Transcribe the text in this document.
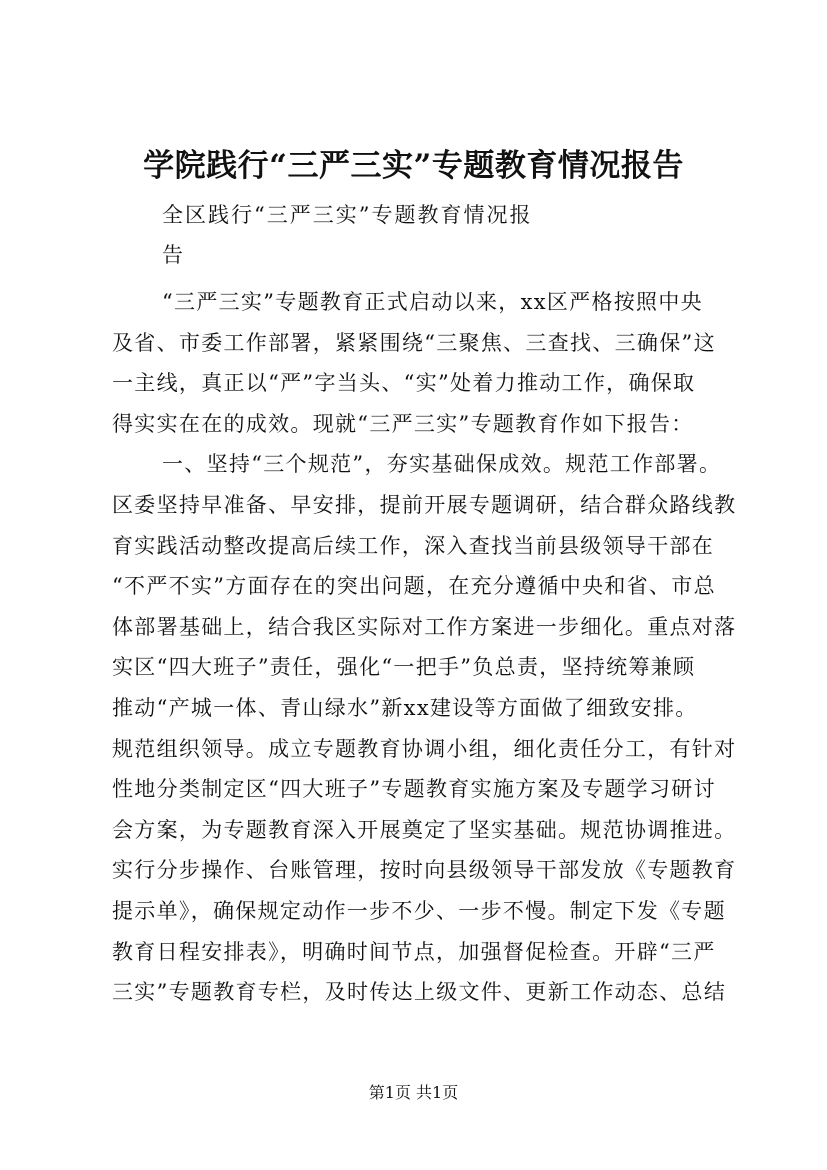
学院践行“三严三实”专题教育情况报告
全区践行“三严三实”专题教育情况报
告
“三严三实”专题教育正式启动以来，xx区严格按照中央
及省、市委工作部署，紧紧围绕“三聚焦、三查找、三确保”这
一主线，真正以“严”字当头、“实”处着力推动工作，确保取
得实实在在的成效。现就“三严三实”专题教育作如下报告：
一、坚持“三个规范”，夯实基础保成效。规范工作部署。
区委坚持早准备、早安排，提前开展专题调研，结合群众路线教
育实践活动整改提高后续工作，深入查找当前县级领导干部在
“不严不实”方面存在的突出问题，在充分遵循中央和省、市总
体部署基础上，结合我区实际对工作方案进一步细化。重点对落
实区“四大班子”责任，强化“一把手”负总责，坚持统筹兼顾
推动“产城一体、青山绿水”新xx建设等方面做了细致安排。
规范组织领导。成立专题教育协调小组，细化责任分工，有针对
性地分类制定区“四大班子”专题教育实施方案及专题学习研讨
会方案，为专题教育深入开展奠定了坚实基础。规范协调推进。
实行分步操作、台账管理，按时向县级领导干部发放《专题教育
提示单》，确保规定动作一步不少、一步不慢。制定下发《专题
教育日程安排表》，明确时间节点，加强督促检查。开辟“三严
三实”专题教育专栏，及时传达上级文件、更新工作动态、总结
第1页 共1页
